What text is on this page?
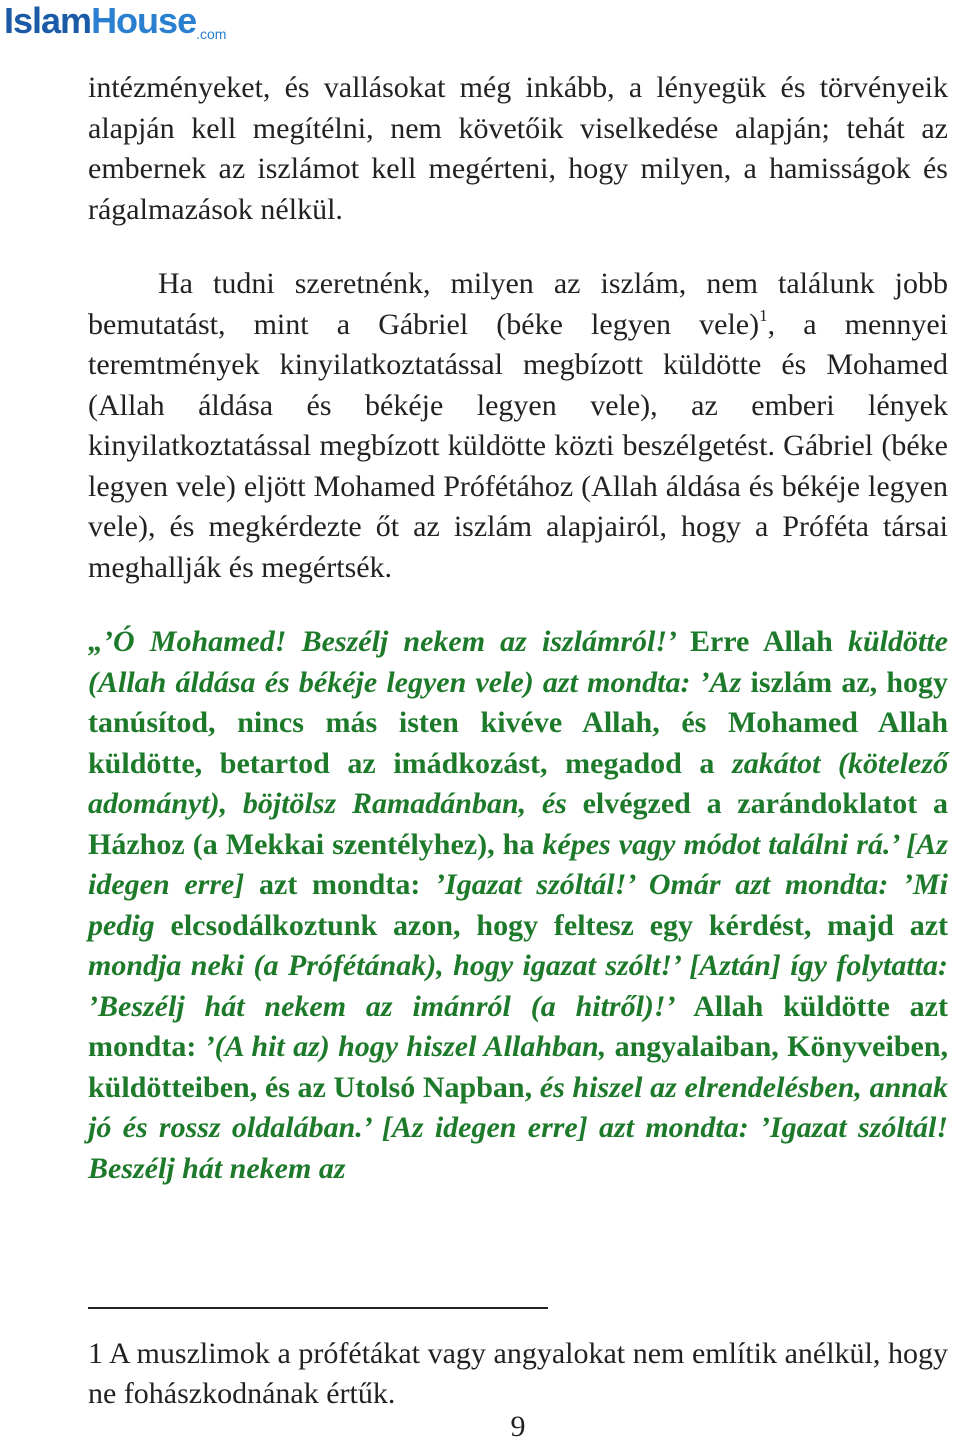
IslamHouse.com

intézményeket, és vallásokat még inkább, a lényegük és törvényeik alapján kell megítélni, nem követőik viselkedése alapján; tehát az embernek az iszlámot kell megérteni, hogy milyen, a hamisságok és rágalmazások nélkül.

Ha tudni szeretnénk, milyen az iszlám, nem találunk jobb bemutatást, mint a Gábriel (béke legyen vele)$^1$, a mennyei teremtmények kinyilatkoztatással megbízott küldötte és Mohamed (Allah áldása és békéje legyen vele), az emberi lények kinyilatkoztatással megbízott küldötte közti beszélgetést. Gábriel (béke legyen vele) eljött Mohamed Prófétához (Allah áldása és békéje legyen vele), és megkérdezte őt az iszlám alapjairól, hogy a Próféta társai meghallják és megértsék.

„’Ó Mohamed! Beszélj nekem az iszlámról!’ Erre Allah küldötte (Allah áldása és békéje legyen vele) azt mondta: ’Az iszlám az, hogy tanúsítod, nincs más isten kivéve Allah, és Mohamed Allah küldötte, betartod az imádkozást, megadod a zakátot (kötelező adományt), böjtölsz Ramadánban, és elvégzed a zarándoklatot a Házhoz (a Mekkai szentélyhez), ha képes vagy módot találni rá.’ [Az idegen erre] azt mondta: ’Igazat szóltál!’ Omár azt mondta: ’Mi pedig elcsodálkoztunk azon, hogy feltesz egy kérdést, majd azt mondja neki (a Prófétának), hogy igazat szólt!’ [Aztán] így folytatta: ’Beszélj hát nekem az imánról (a hitről)!’ Allah küldötte azt mondta: ’(A hit az) hogy hiszel Allahban, angyalaiban, Könyveiben, küldötteiben, és az Utolsó Napban, és hiszel az elrendelésben, annak jó és rossz oldalában.’ [Az idegen erre] azt mondta: ’Igazat szóltál! Beszélj hát nekem az

1 A muszlimok a prófétákat vagy angyalokat nem említik anélkül, hogy ne fohászkodnának értűk.

9
